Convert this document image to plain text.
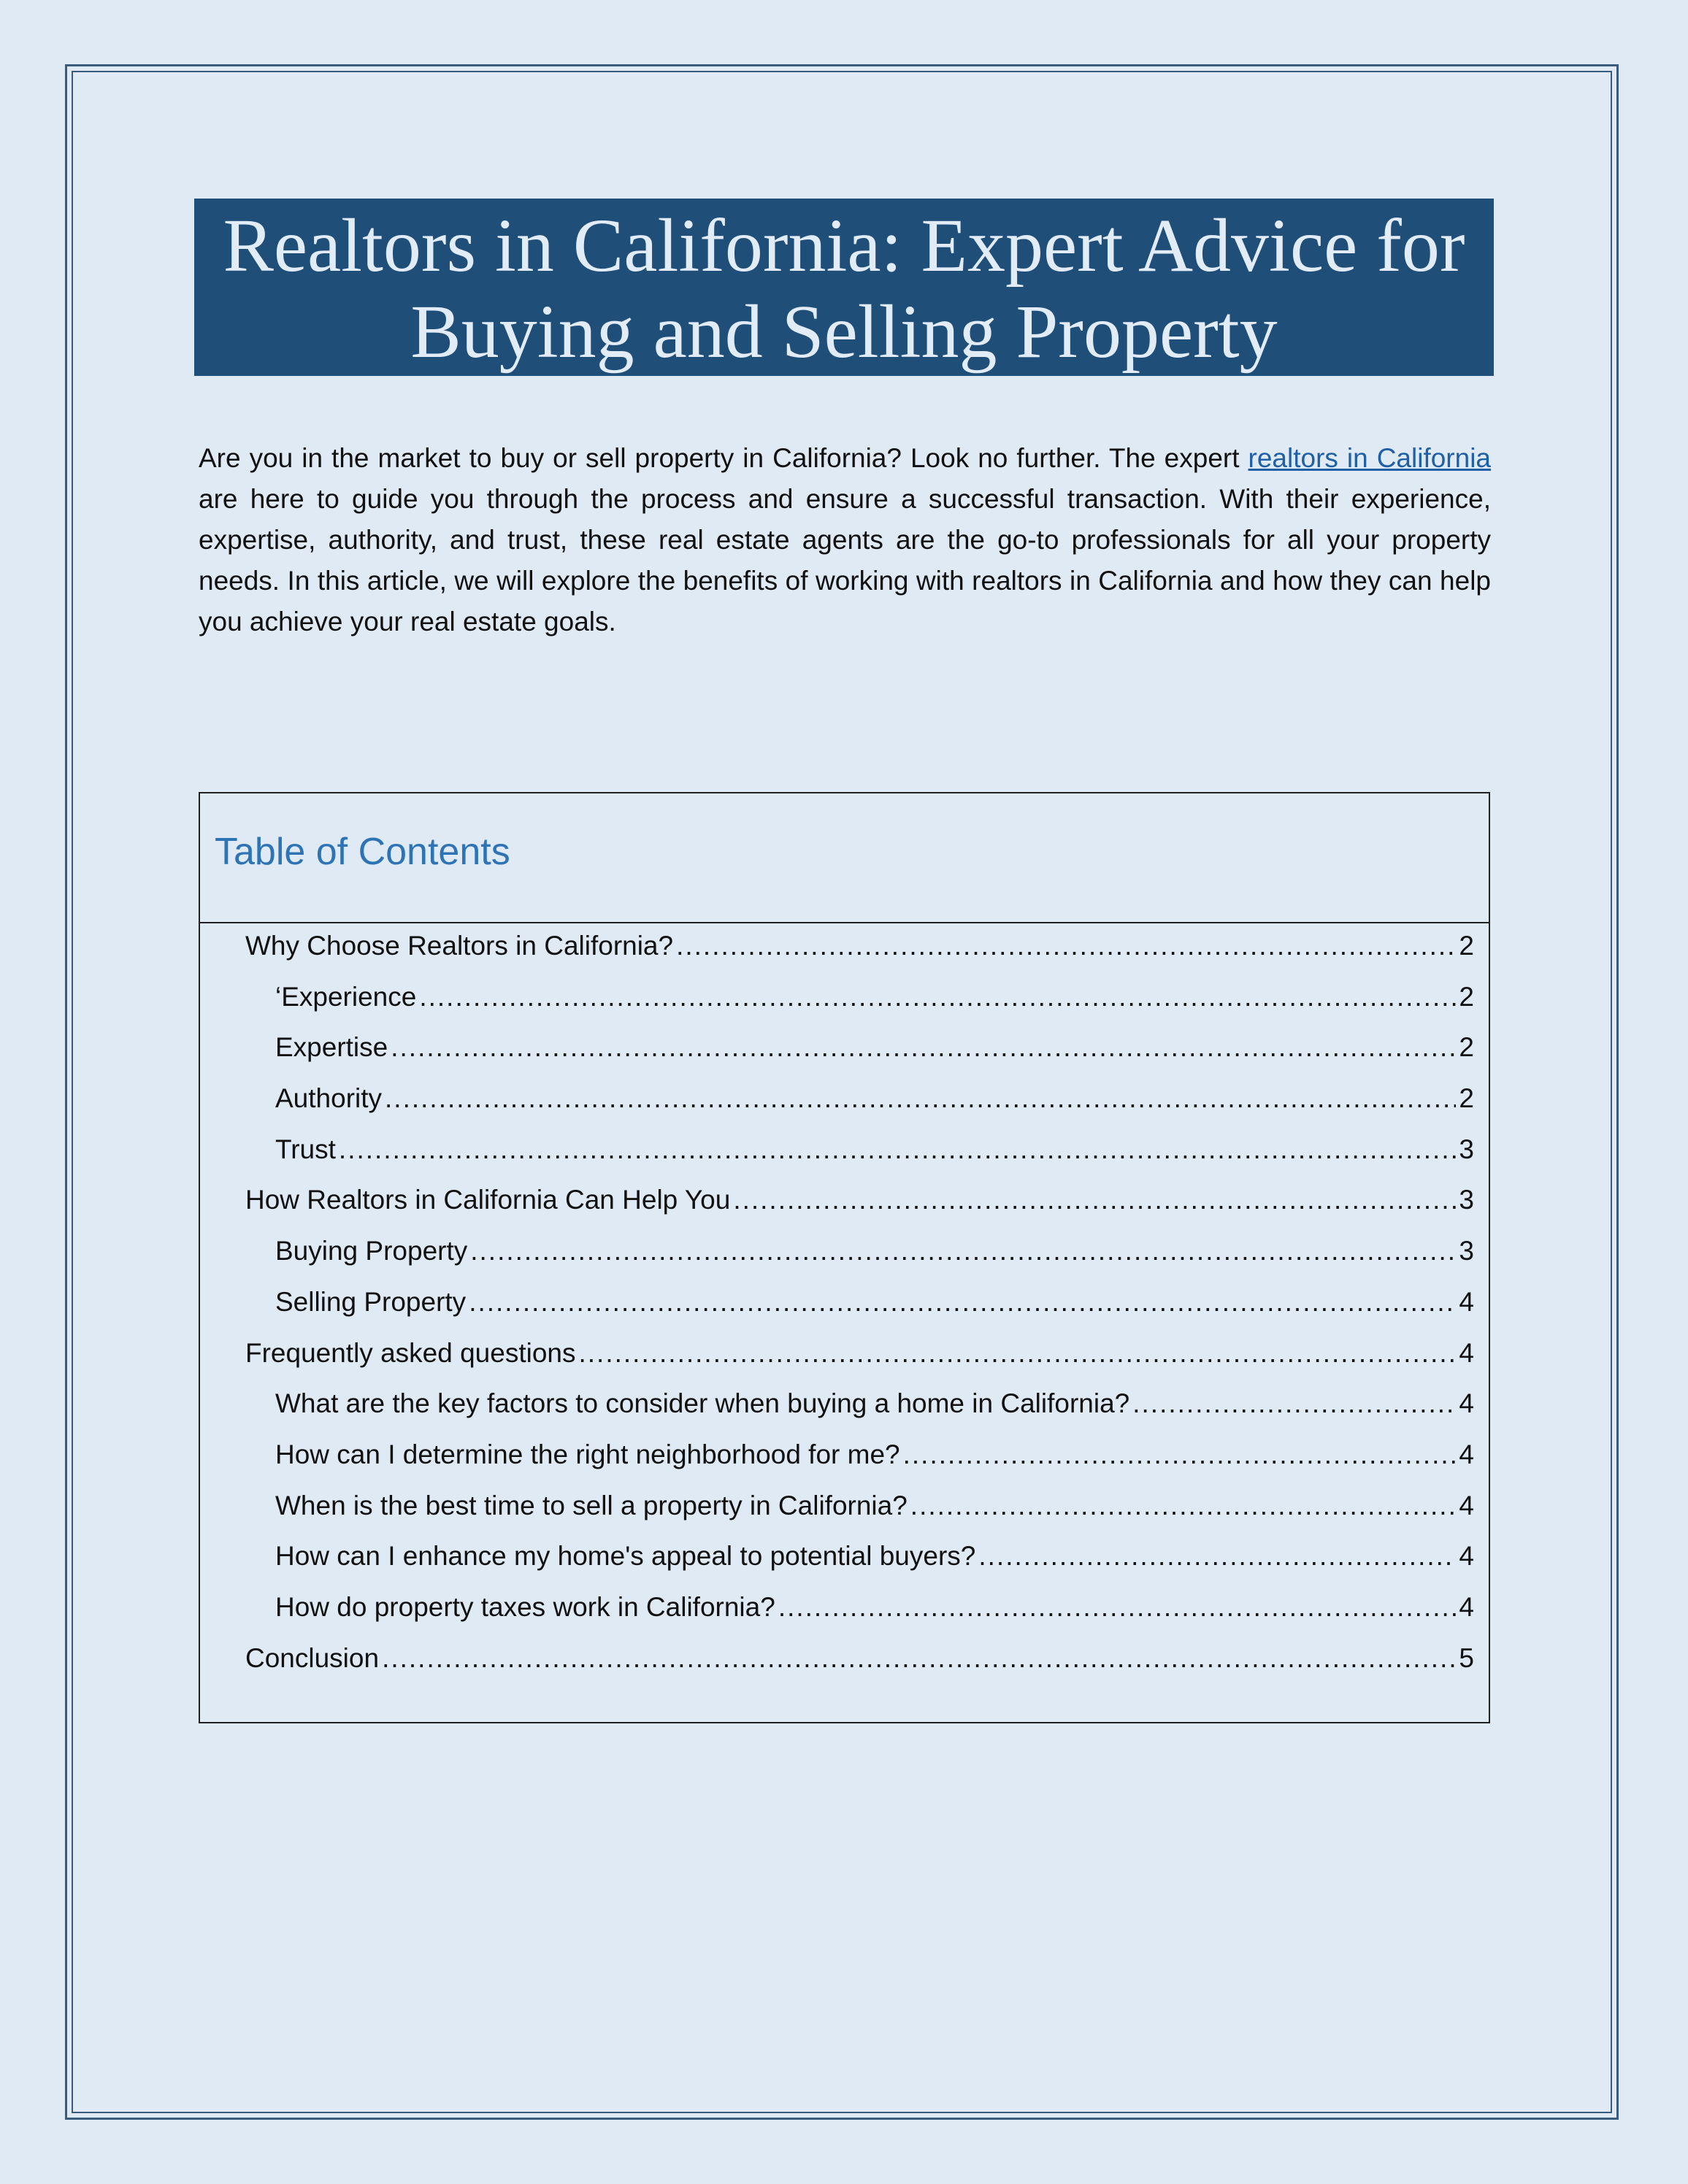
Realtors in California: Expert Advice for
Buying and Selling Property

Are you in the market to buy or sell property in California? Look no further. The expert realtors in California are here to guide you through the process and ensure a successful transaction. With their experience, expertise, authority, and trust, these real estate agents are the go-to professionals for all your property needs. In this article, we will explore the benefits of working with realtors in California and how they can help you achieve your real estate goals.

Table of Contents
Why Choose Realtors in California? .....	2
‘Experience .....	2
Expertise .....	2
Authority .....	2
Trust .....	3
How Realtors in California Can Help You .....	3
Buying Property .....	3
Selling Property .....	4
Frequently asked questions .....	4
What are the key factors to consider when buying a home in California? .....	4
How can I determine the right neighborhood for me? .....	4
When is the best time to sell a property in California? .....	4
How can I enhance my home's appeal to potential buyers? .....	4
How do property taxes work in California? .....	4
Conclusion .....	5
